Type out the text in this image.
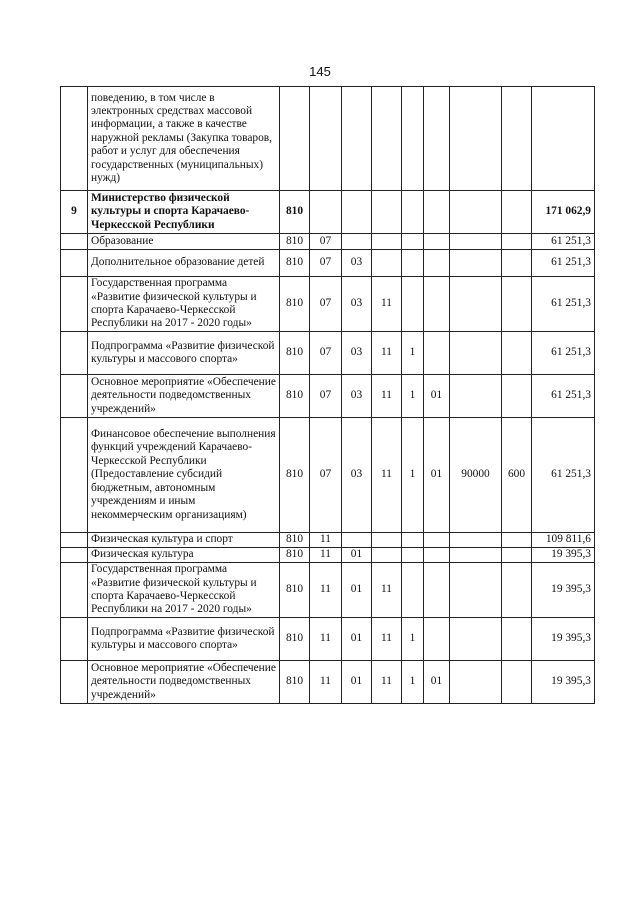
145
	поведению, в том числе в электронных средствах массовой информации, а также в качестве наружной рекламы (Закупка товаров, работ и услуг для обеспечения государственных (муниципальных) нужд)									
9	Министерство физической культуры и спорта Карачаево-Черкесской Республики	810								171 062,9
	Образование	810	07							61 251,3
	Дополнительное образование детей	810	07	03						61 251,3
	Государственная программа «Развитие физической культуры и спорта Карачаево-Черкесской Республики на 2017 - 2020 годы»	810	07	03	11					61 251,3
	Подпрограмма «Развитие физической культуры и массового спорта»	810	07	03	11	1				61 251,3
	Основное мероприятие «Обеспечение деятельности подведомственных учреждений»	810	07	03	11	1	01			61 251,3
	Финансовое обеспечение выполнения функций учреждений Карачаево-Черкесской Республики (Предоставление субсидий бюджетным, автономным учреждениям и иным некоммерческим организациям)	810	07	03	11	1	01	90000	600	61 251,3
	Физическая культура и спорт	810	11							109 811,6
	Физическая культура	810	11	01						19 395,3
	Государственная программа «Развитие физической культуры и спорта Карачаево-Черкесской Республики на 2017 - 2020 годы»	810	11	01	11					19 395,3
	Подпрограмма «Развитие физической культуры и массового спорта»	810	11	01	11	1				19 395,3
	Основное мероприятие «Обеспечение деятельности подведомственных учреждений»	810	11	01	11	1	01			19 395,3
